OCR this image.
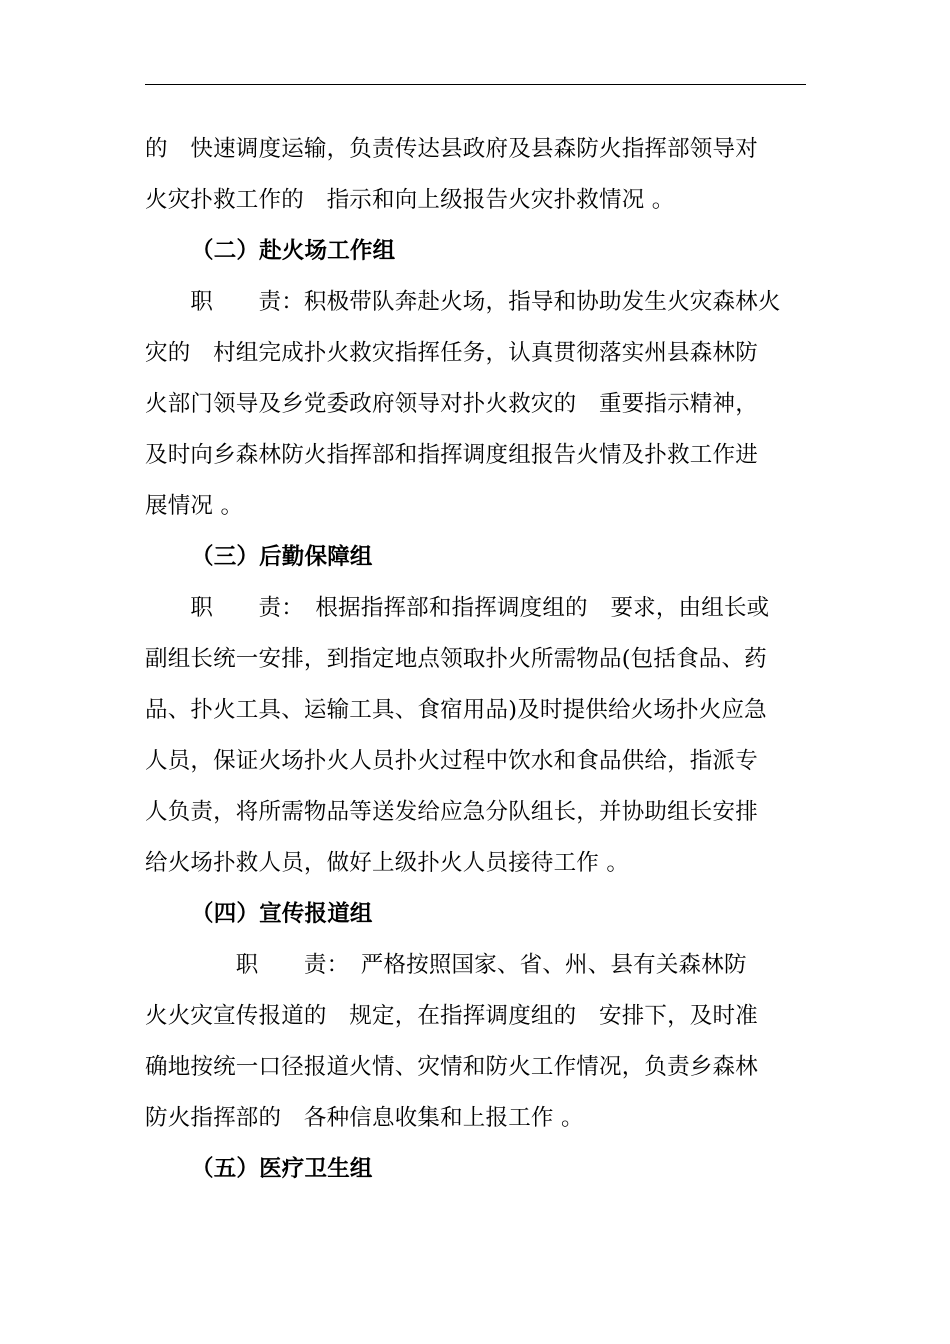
的　快速调度运输，负责传达县政府及县森防火指挥部领导对
火灾扑救工作的　指示和向上级报告火灾扑救情况 。
（二）赴火场工作组
　　职　　责：积极带队奔赴火场，指导和协助发生火灾森林火
灾的　村组完成扑火救灾指挥任务，认真贯彻落实州县森林防
火部门领导及乡党委政府领导对扑火救灾的　重要指示精神，
及时向乡森林防火指挥部和指挥调度组报告火情及扑救工作进
展情况 。
（三）后勤保障组
　　职　　责：　根据指挥部和指挥调度组的　要求，由组长或
副组长统一安排，到指定地点领取扑火所需物品(包括食品、药
品、扑火工具、运输工具、食宿用品)及时提供给火场扑火应急
人员，保证火场扑火人员扑火过程中饮水和食品供给，指派专
人负责，将所需物品等送发给应急分队组长，并协助组长安排
给火场扑救人员，做好上级扑火人员接待工作 。
（四）宣传报道组
　　　　职　　责：　严格按照国家、省、州、县有关森林防
火火灾宣传报道的　规定，在指挥调度组的　安排下，及时准
确地按统一口径报道火情、灾情和防火工作情况，负责乡森林
防火指挥部的　各种信息收集和上报工作 。
（五）医疗卫生组
